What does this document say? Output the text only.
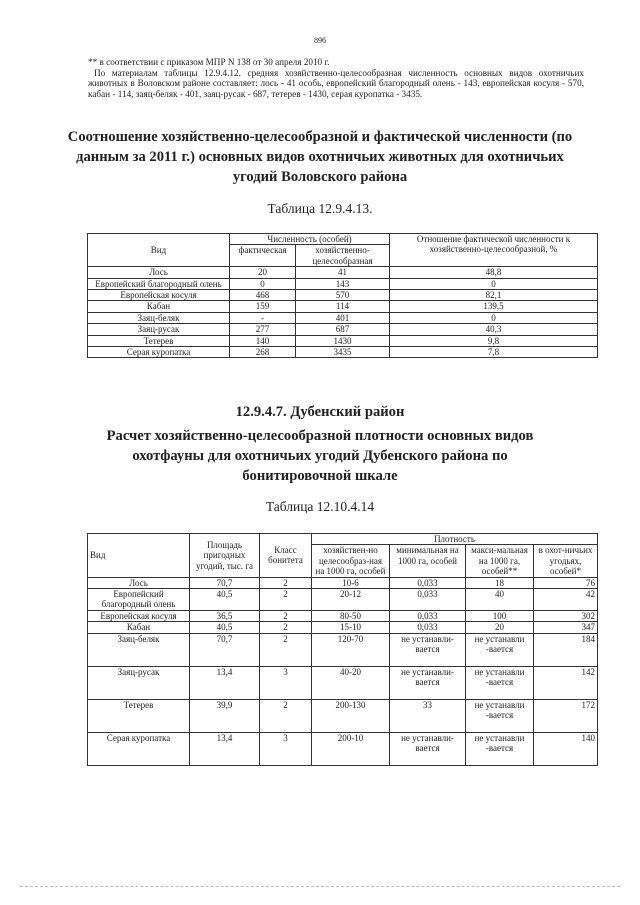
896

** в соответствии с приказом МПР N 138 от 30 апреля 2010 г.

По материалам таблицы 12.9.4.12. средняя хозяйственно-целесообразная численность основных видов охотничьих животных в Воловском районе составляет: лось - 41 особь, европейский благородный олень - 143, европейская косуля - 570, кабан - 114, заяц-беляк - 401, заяц-русак - 687, тетерев - 1430, серая куропатка - 3435.

Соотношение хозяйственно-целесообразной и фактической численности (по данным за 2011 г.) основных видов охотничьих животных для охотничьих угодий Воловского района
Таблица 12.9.4.13.
Вид	Численность (особей)		Отношение фактической численности к хозяйственно-целесообразной, %
	фактическая	хозяйственно-целесообразная	
Лось	20	41	48,8
Европейский благородный олень	0	143	0
Европейская косуля	468	570	82,1
Кабан	159	114	139,5
Заяц-беляк	-	401	0
Заяц-русак	277	687	40,3
Тетерев	140	1430	9,8
Серая куропатка	268	3435	7,8
12.9.4.7. Дубенский район
Расчет хозяйственно-целесообразной плотности основных видов охотфауны для охотничьих угодий Дубенского района по бонитировочной шкале
Таблица 12.10.4.14
Вид	Площадь пригодных угодий, тыс. га	Класс бонитета	Плотность			
			хозяйствен-но целесообраз-ная на 1000 га, особей	минимальная на 1000 га, особей	макси-мальная на 1000 га, особей**	в охот-ничьих угодьях, особей*
Лось	70,7	2	10-6	0,033	18	76
Европейский благородный олень	40,5	2	20-12	0,033	40	42
Европейская косуля	36,5	2	80-50	0,033	100	302
Кабан	40,5	2	15-10	0,033	20	347
Заяц-беляк	70,7	2	120-70	не устанавли-вается	не устанавли -вается	184
Заяц-русак	13,4	3	40-20	не устанавли-вается	не устанавли -вается	142
Тетерев	39,9	2	200-130	33	не устанавли -вается	172
Серая куропатка	13,4	3	200-10	не устанавли-вается	не устанавли -вается	140
